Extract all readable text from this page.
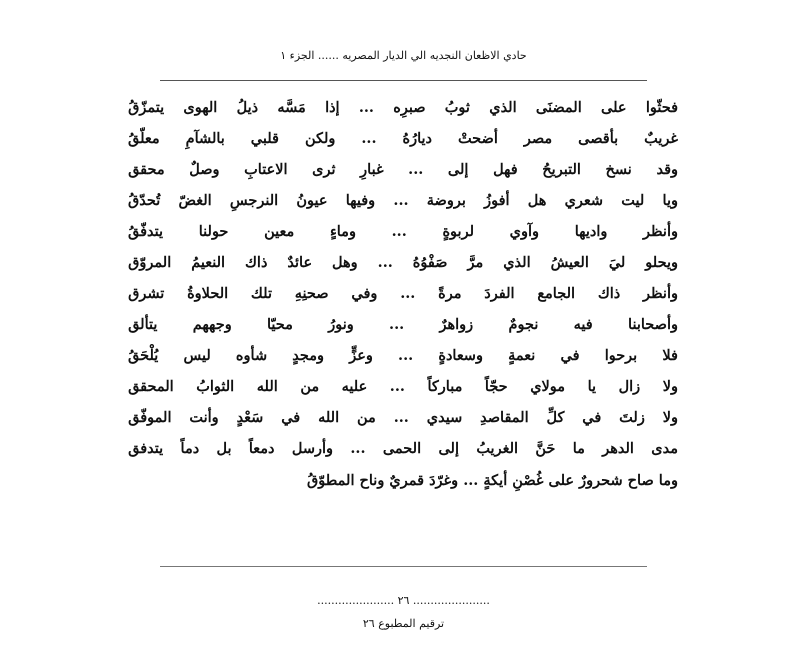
حادي الاظعان النجديه الي الديار المصريه ...... الجزء ١
فحثّوا
على
المضنَى
الذي
ثوبُ
صبرِه
...
إذا
مَسَّه
ذيلُ
الهوى
يتمزّقُ
غريبٌ
بأقصى
مصر
أضحتْ
ديارُهُ
...
ولكن
قلبي
بالشآمِ
معلّقُ
وقد
نسخ
التبريحُ
فهل
إلى
...
غبارِ
ثرى
الاعتابِ
وصلٌ
محقق
ويا
ليت
شعري
هل
أفوزُ
بروضة
...
وفيها
عيونُ
النرجسِ
الغضّ
تُحدّقُ
وأنظر
واديها
وآوي
لربوةٍ
...
وماءٍ
معين
حولنا
يتدفّقُ
ويحلو
ليَ
العيشُ
الذي
مرَّ
صَفْوُهُ
...
وهل
عائدٌ
ذاك
النعيمُ
المروّق
وأنظر
ذاك
الجامع
الفردَ
مرةً
...
وفي
صحنِهِ
تلك
الحلاوةُ
تشرق
وأصحابنا
فيه
نجومٌ
زواهرٌ
...
ونورُ
محيّا
وجههم
يتألق
فلا
برحوا
في
نعمةٍ
وسعادةٍ
...
وعزٍّ
ومجدٍ
شأوه
ليس
يُلْحَقُ
ولا
زال
يا
مولاي
حجّاً
مباركاً
...
عليه
من
الله
الثوابُ
المحقق
ولا
زلتَ
في
كلِّ
المقاصدِ
سيدي
...
من
الله
في
سَعْدٍ
وأنت
الموفّق
مدى
الدهر
ما
حَنَّ
الغريبُ
إلى
الحمى
...
وأرسل
دمعاً
بل
دماً
يتدفق
وما صاح شحرورٌ على غُصْنِ أيكةٍ ... وغرّدَ قمريٌ وناح المطوّقُ
...................... ٢٦ ......................
ترقيم المطبوع ٢٦
